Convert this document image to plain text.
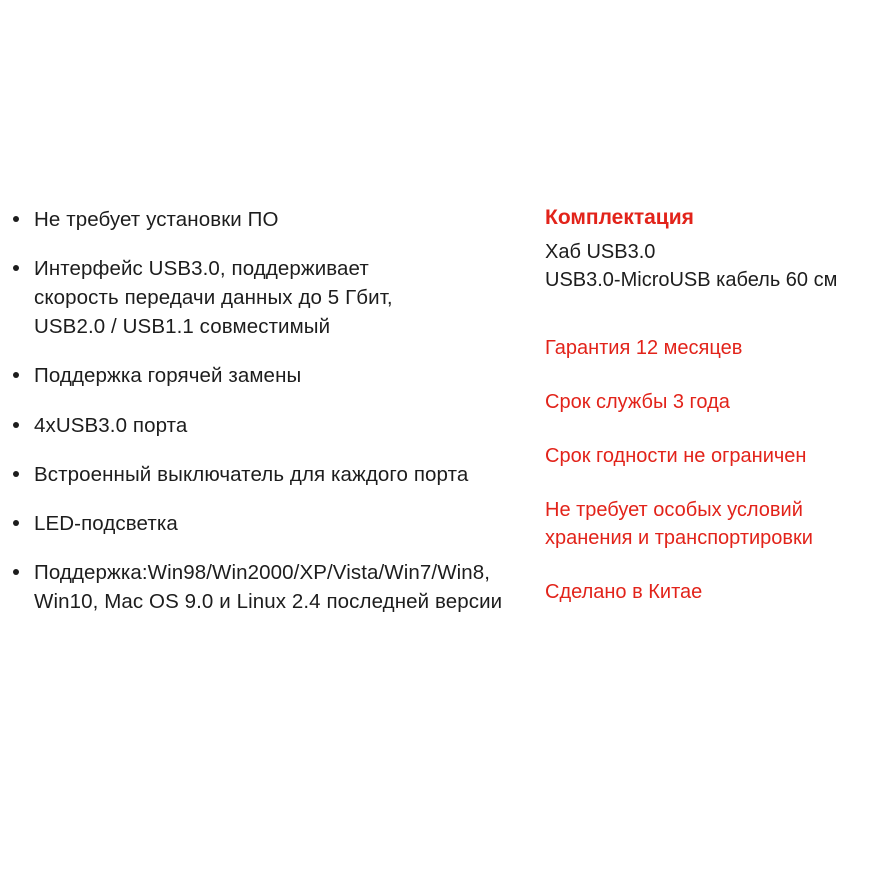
Не требует установки ПО
Интерфейс USB3.0, поддерживает
скорость передачи данных до 5 Гбит,
USB2.0 / USB1.1 совместимый
Поддержка горячей замены
4xUSB3.0 порта
Встроенный выключатель для каждого порта
LED-подсветка
Поддержка:Win98/Win2000/XP/Vista/Win7/Win8,
Win10, Mac OS 9.0 и Linux 2.4 последней версии
Комплектация
Хаб USB3.0
USB3.0-MicroUSB кабель 60 см
Гарантия 12 месяцев
Срок службы 3 года
Срок годности не ограничен
Не требует особых условий
хранения и транспортировки
Сделано в Китае
